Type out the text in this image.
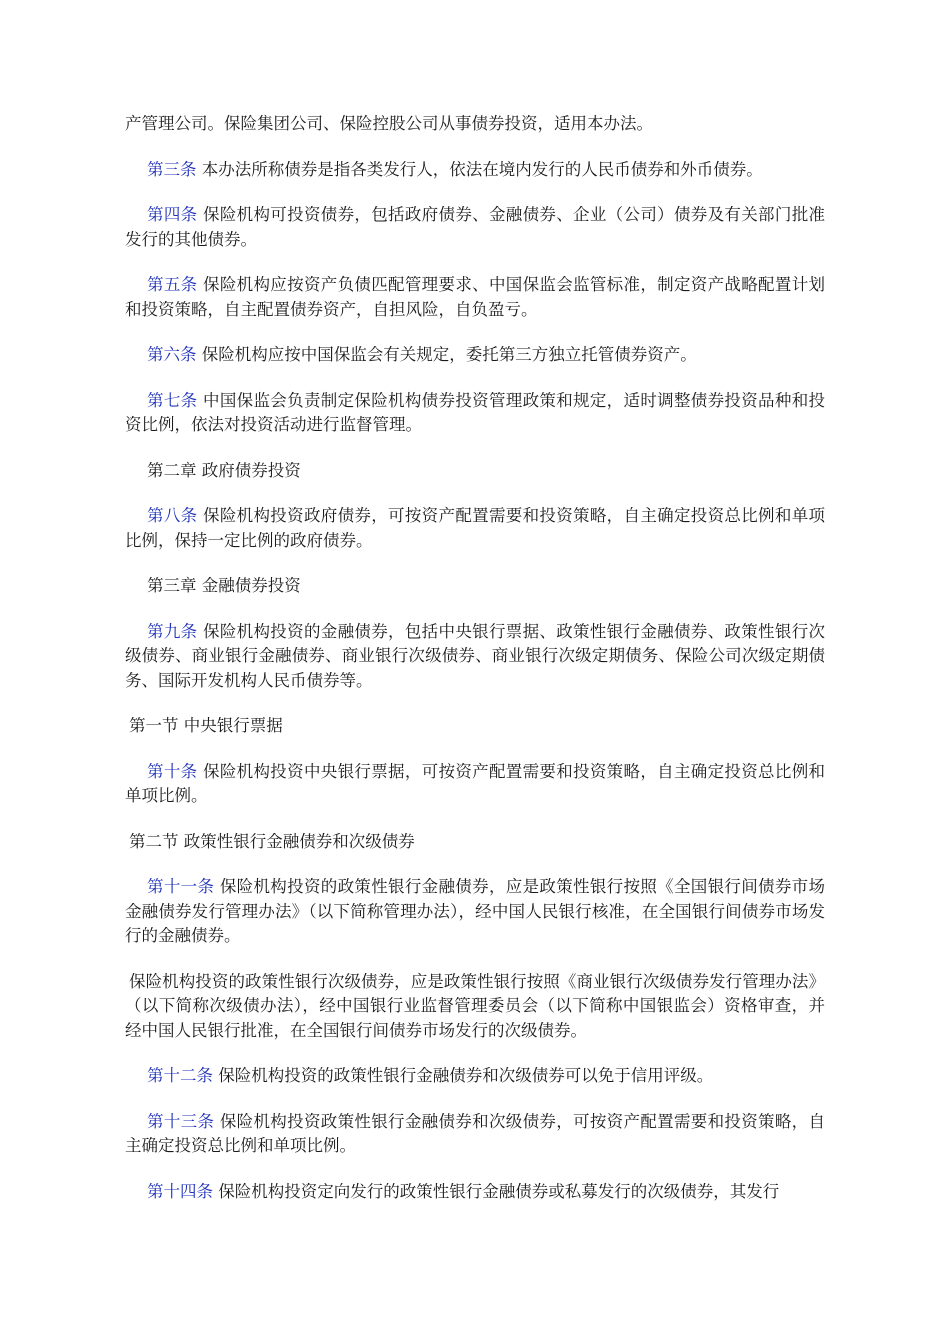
产管理公司。保险集团公司、保险控股公司从事债券投资，适用本办法。

第三条 本办法所称债券是指各类发行人，依法在境内发行的人民币债券和外币债券。

第四条 保险机构可投资债券，包括政府债券、金融债券、企业（公司）债券及有关部门批准发行的其他债券。

第五条 保险机构应按资产负债匹配管理要求、中国保监会监管标准，制定资产战略配置计划和投资策略，自主配置债券资产，自担风险，自负盈亏。

第六条 保险机构应按中国保监会有关规定，委托第三方独立托管债券资产。

第七条 中国保监会负责制定保险机构债券投资管理政策和规定，适时调整债券投资品种和投资比例，依法对投资活动进行监督管理。

第二章 政府债券投资

第八条 保险机构投资政府债券，可按资产配置需要和投资策略，自主确定投资总比例和单项比例，保持一定比例的政府债券。

第三章 金融债券投资

第九条 保险机构投资的金融债券，包括中央银行票据、政策性银行金融债券、政策性银行次级债券、商业银行金融债券、商业银行次级债券、商业银行次级定期债务、保险公司次级定期债务、国际开发机构人民币债券等。

第一节 中央银行票据

第十条 保险机构投资中央银行票据，可按资产配置需要和投资策略，自主确定投资总比例和单项比例。

第二节 政策性银行金融债券和次级债券

第十一条 保险机构投资的政策性银行金融债券，应是政策性银行按照《全国银行间债券市场金融债券发行管理办法》（以下简称管理办法），经中国人民银行核准，在全国银行间债券市场发行的金融债券。

保险机构投资的政策性银行次级债券，应是政策性银行按照《商业银行次级债券发行管理办法》（以下简称次级债办法），经中国银行业监督管理委员会（以下简称中国银监会）资格审查，并经中国人民银行批准，在全国银行间债券市场发行的次级债券。

第十二条 保险机构投资的政策性银行金融债券和次级债券可以免于信用评级。

第十三条 保险机构投资政策性银行金融债券和次级债券，可按资产配置需要和投资策略，自主确定投资总比例和单项比例。

第十四条 保险机构投资定向发行的政策性银行金融债券或私募发行的次级债券，其发行
